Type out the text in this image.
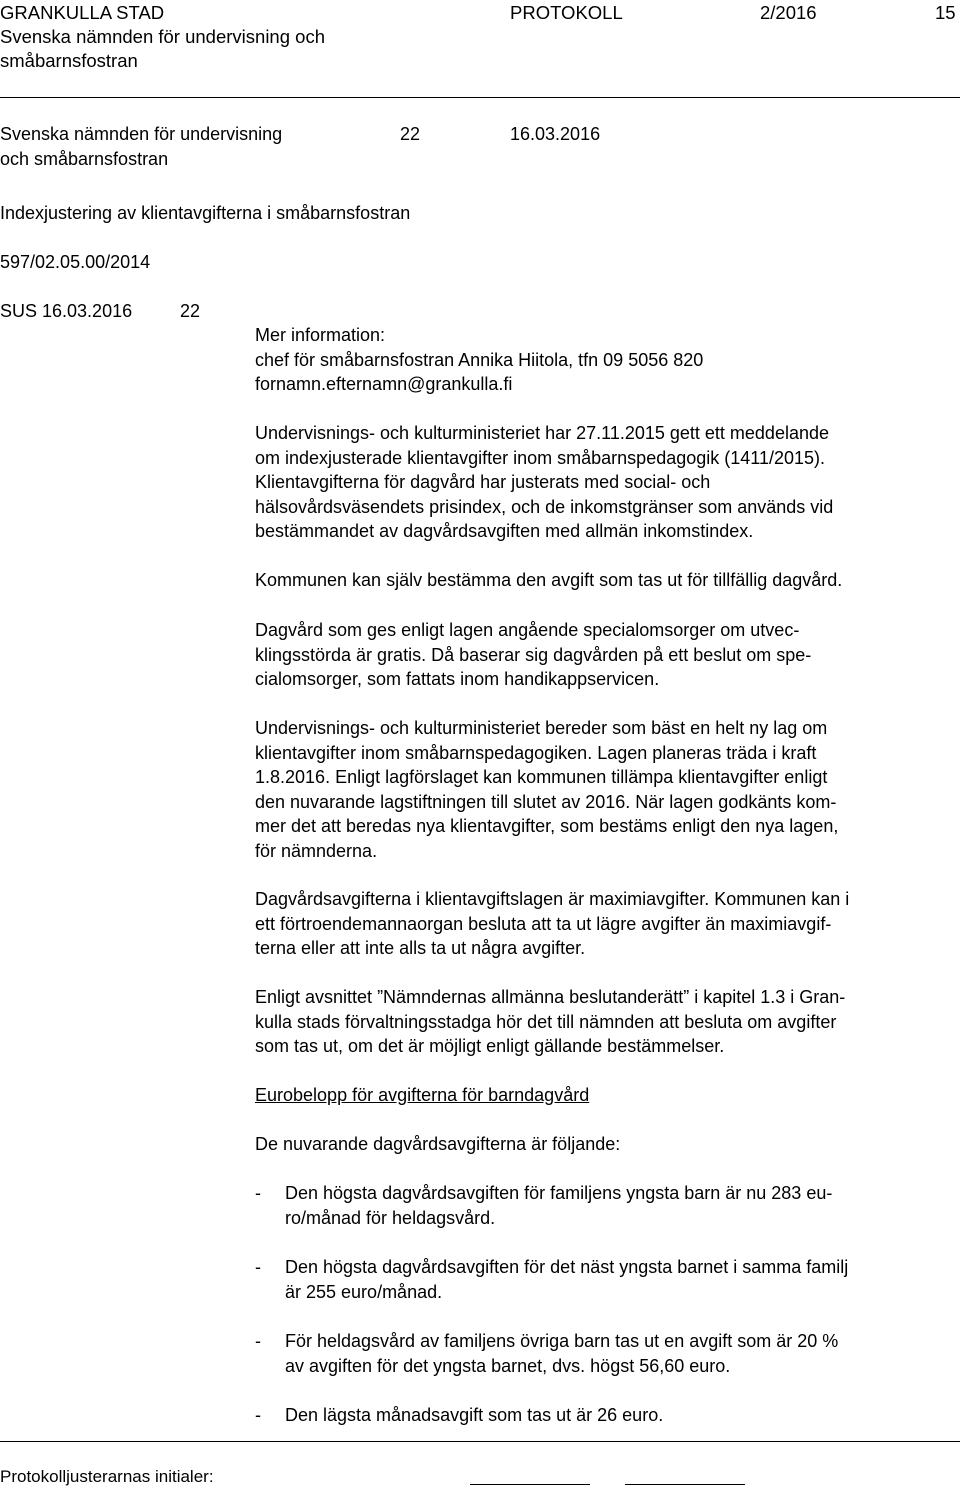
GRANKULLA STAD
Svenska nämnden för undervisning och
småbarnsfostran
PROTOKOLL	2/2016	15
Svenska nämnden för undervisning
och småbarnsfostran
22	16.03.2016
Indexjustering av klientavgifterna i småbarnsfostran
597/02.05.00/2014
SUS 16.03.2016	22
Mer information:
chef för småbarnsfostran Annika Hiitola, tfn 09 5056 820
fornamn.efternamn@grankulla.fi
Undervisnings- och kulturministeriet har 27.11.2015 gett ett meddelande
om indexjusterade klientavgifter inom småbarnspedagogik (1411/2015).
Klientavgifterna för dagvård har justerats med social- och
hälsovårdsväsendets prisindex, och de inkomstgränser som används vid
bestämmandet av dagvårdsavgiften med allmän inkomstindex.
Kommunen kan själv bestämma den avgift som tas ut för tillfällig dagvård.
Dagvård som ges enligt lagen angående specialomsorger om utvec-
klingsstörda är gratis. Då baserar sig dagvården på ett beslut om spe-
cialomsorger, som fattats inom handikappservicen.
Undervisnings- och kulturministeriet bereder som bäst en helt ny lag om
klientavgifter inom småbarnspedagogiken. Lagen planeras träda i kraft
1.8.2016. Enligt lagförslaget kan kommunen tillämpa klientavgifter enligt
den nuvarande lagstiftningen till slutet av 2016. När lagen godkänts kom-
mer det att beredas nya klientavgifter, som bestäms enligt den nya lagen,
för nämnderna.
Dagvårdsavgifterna i klientavgiftslagen är maximiavgifter. Kommunen kan i
ett förtroendemannaorgan besluta att ta ut lägre avgifter än maximiavgif-
terna eller att inte alls ta ut några avgifter.
Enligt avsnittet ”Nämndernas allmänna beslutanderätt” i kapitel 1.3 i Gran-
kulla stads förvaltningsstadga hör det till nämnden att besluta om avgifter
som tas ut, om det är möjligt enligt gällande bestämmelser.
Eurobelopp för avgifterna för barndagvård
De nuvarande dagvårdsavgifterna är följande:
- Den högsta dagvårdsavgiften för familjens yngsta barn är nu 283 eu-
ro/månad för heldagsvård.
- Den högsta dagvårdsavgiften för det näst yngsta barnet i samma familj
är 255 euro/månad.
- För heldagsvård av familjens övriga barn tas ut en avgift som är 20 %
av avgiften för det yngsta barnet, dvs. högst 56,60 euro.
- Den lägsta månadsavgift som tas ut är 26 euro.
Protokolljusterarnas initialer:
